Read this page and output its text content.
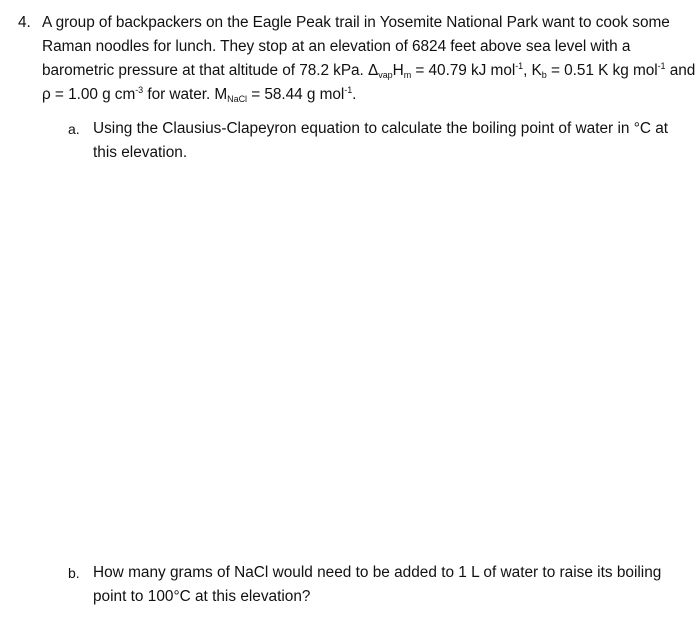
4. A group of backpackers on the Eagle Peak trail in Yosemite National Park want to cook some
Raman noodles for lunch. They stop at an elevation of 6824 feet above sea level with a
barometric pressure at that altitude of 78.2 kPa. $\Delta_{vap}H_m = 40.79$ kJ mol$^{-1}$, $K_b = 0.51$ K kg mol$^{-1}$ and
ρ = 1.00 g $cm^{-3}$ for water. $M_{NaCl} = 58.44$ g mol$^{-1}$.
a. Using the Clausius-Clapeyron equation to calculate the boiling point of water in °C at
this elevation.
b. How many grams of NaCl would need to be added to 1 L of water to raise its boiling
point to 100°C at this elevation?
